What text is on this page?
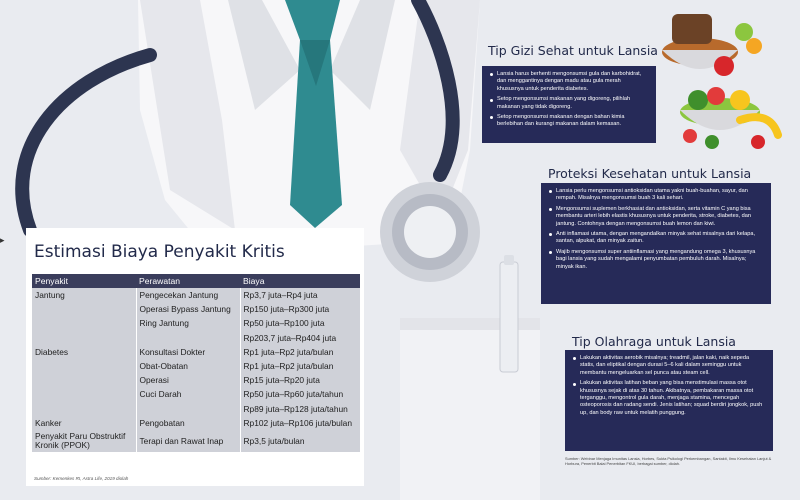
▸
Estimasi Biaya Penyakit Kritis
Penyakit	Perawatan	Biaya
Jantung	Pengecekan Jantung	Rp3,7 juta–Rp4 juta
	Operasi Bypass Jantung	Rp150 juta–Rp300 juta
	Ring Jantung	Rp50 juta–Rp100 juta
		Rp203,7 juta–Rp404 juta
Diabetes	Konsultasi Dokter	Rp1 juta–Rp2 juta/bulan
	Obat-Obatan	Rp1 juta–Rp2 juta/bulan
	Operasi	Rp15 juta–Rp20 juta
	Cuci Darah	Rp50 juta–Rp60 juta/tahun
		Rp89 juta–Rp128 juta/tahun
Kanker	Pengobatan	Rp102 juta–Rp106 juta/bulan
Penyakit Paru Obstruktif Kronik (PPOK)	Terapi dan Rawat Inap	Rp3,5 juta/bulan
Sumber: Kemenkes RI, Astra Life, 2019 diolah
Tip Gizi Sehat untuk Lansia
Lansia harus berhenti mengonsumsi gula dan karbohidrat, dan menggantinya dengan madu atau gula merah khususnya untuk penderita diabetes.
Setop mengonsumsi makanan yang digoreng, pilihlah makanan yang tidak digoreng.
Setop mengonsumsi makanan dengan bahan kimia berlebihan dan kurangi makanan dalam kemasan.
Proteksi Kesehatan untuk Lansia
Lansia perlu mengonsumsi antioksidan utama yakni buah-buahan, sayur, dan rempah. Misalnya mengonsumsi buah 3 kali sehari.
Mengonsumsi suplemen berkhasiat dan antioksidan, serta vitamin C yang bisa membantu arteri lebih elastis khususnya untuk penderita, stroke, diabetes, dan jantung. Contohnya dengan mengonsumsi buah lemon dan kiwi.
Anti inflamasi utama, dengan mengandalkan minyak sehat misalnya dari kelapa, santan, alpukat, dan minyak zaitun.
Wajib mengonsumsi super antiinflamasi yang mengandung omega 3, khususnya bagi lansia yang sudah mengalami penyumbatan pembuluh darah. Misalnya; minyak ikan.
Tip Olahraga untuk Lansia
Lakukan aktivitas aerobik misalnya; treadmil, jalan kaki, naik sepeda statis, dan eliptikal dengan durasi 5–6 kali dalam seminggu untuk membantu mengeluarkan sel punca atau steam cell.
Lakukan aktivitas latihan beban yang bisa menstimulasi massa otot khususnya sejak di atas 30 tahun. Akibatnya, pembakaran massa otot terganggu, mengontrol gula darah, menjaga stamina, mencegah osteoporosis dan radang sendi. Jenis latihan; squad berdiri jongkok, push up, dan body raw untuk melatih punggung.
Sumber: Webinar Menjaga Imunitas Lansia, Horbes, Sukta Psikologi Perkembangan, Santakti, Ilmu Kesehatan Lanjut & Horbura, Penerbit Balai Penerbitan FKUI, berbagai sumber, diolah.
